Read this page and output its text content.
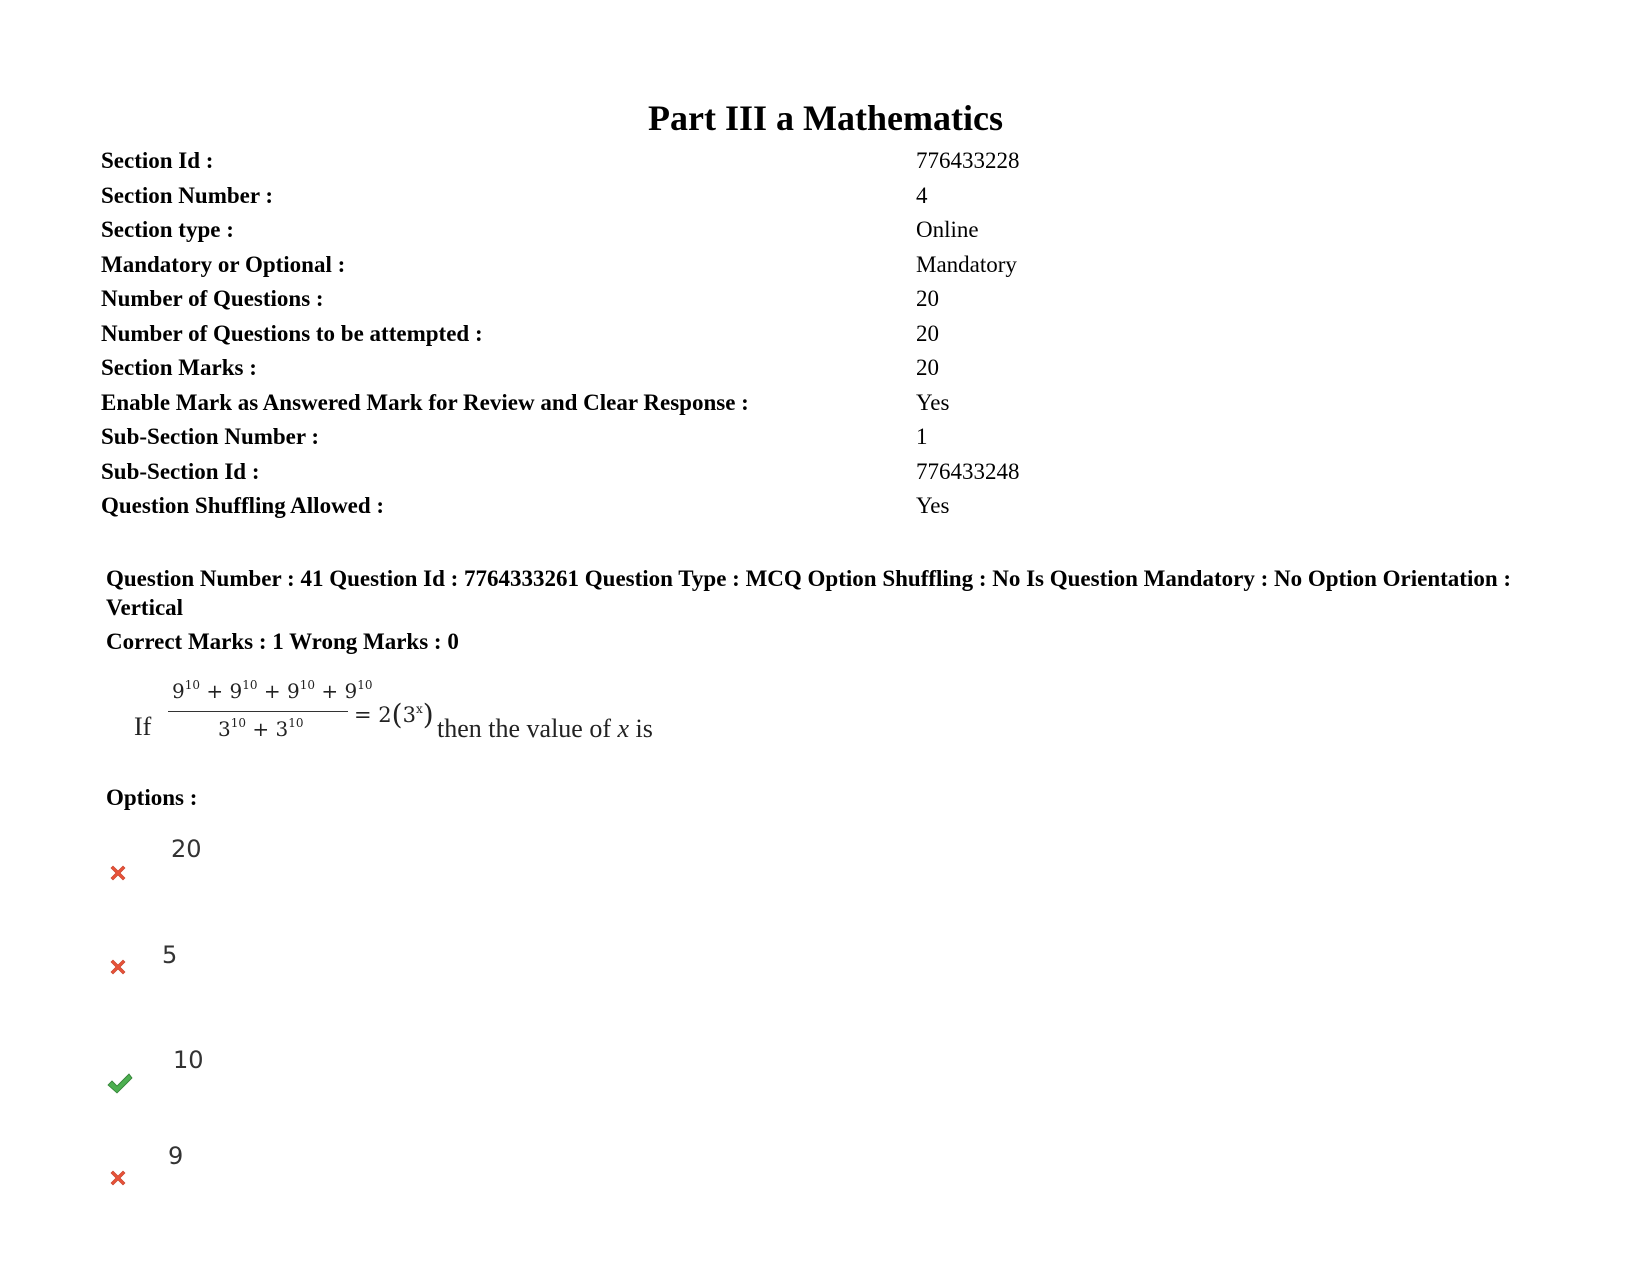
Part III a Mathematics
Section Id :	776433228
Section Number :	4
Section type :	Online
Mandatory or Optional :	Mandatory
Number of Questions :	20
Number of Questions to be attempted :	20
Section Marks :	20
Enable Mark as Answered Mark for Review and Clear Response :	Yes
Sub-Section Number :	1
Sub-Section Id :	776433248
Question Shuffling Allowed :	Yes
Question Number : 41 Question Id : 7764333261 Question Type : MCQ Option Shuffling : No Is Question Mandatory : No Option Orientation : Vertical
Correct Marks : 1 Wrong Marks : 0
If
$9^{10} + 9^{10} + 9^{10} + 9^{10}$
$3^{10} + 3^{10} = 2(3^x)$ then the value of x is
Options :
20
5
10
9
